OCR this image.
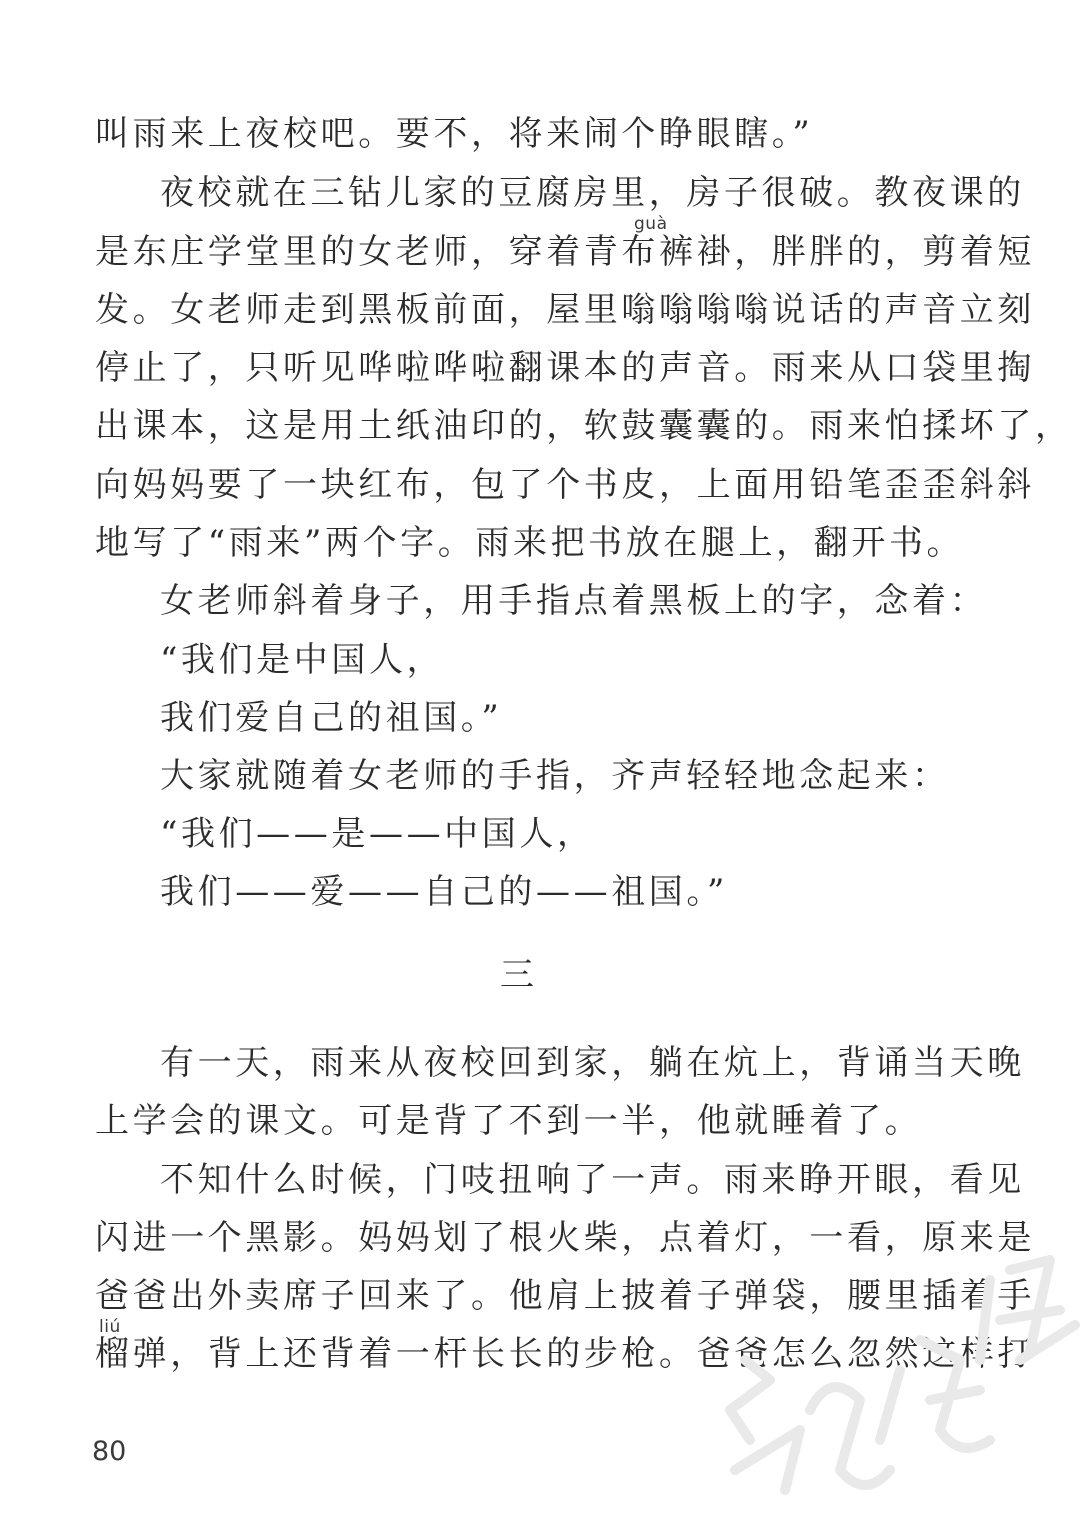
叫雨来上夜校吧。要不，将来闹个睁眼瞎。”
夜校就在三钻儿家的豆腐房里，房子很破。教夜课的
guà
是东庄学堂里的女老师，穿着青布裤褂，胖胖的，剪着短
发。女老师走到黑板前面，屋里嗡嗡嗡嗡说话的声音立刻
停止了，只听见哗啦哗啦翻课本的声音。雨来从口袋里掏
出课本，这是用土纸油印的，软鼓囊囊的。雨来怕揉坏了，
向妈妈要了一块红布，包了个书皮，上面用铅笔歪歪斜斜
地写了“雨来”两个字。雨来把书放在腿上，翻开书。
女老师斜着身子，用手指点着黑板上的字，念着：
“我们是中国人，
我们爱自己的祖国。”
大家就随着女老师的手指，齐声轻轻地念起来：
“我们——是——中国人，
我们——爱——自己的——祖国。”
三
有一天，雨来从夜校回到家，躺在炕上，背诵当天晚
上学会的课文。可是背了不到一半，他就睡着了。
不知什么时候，门吱扭响了一声。雨来睁开眼，看见
闪进一个黑影。妈妈划了根火柴，点着灯，一看，原来是
爸爸出外卖席子回来了。他肩上披着子弹袋，腰里插着手
liú
榴弹，背上还背着一杆长长的步枪。爸爸怎么忽然这样打
80
